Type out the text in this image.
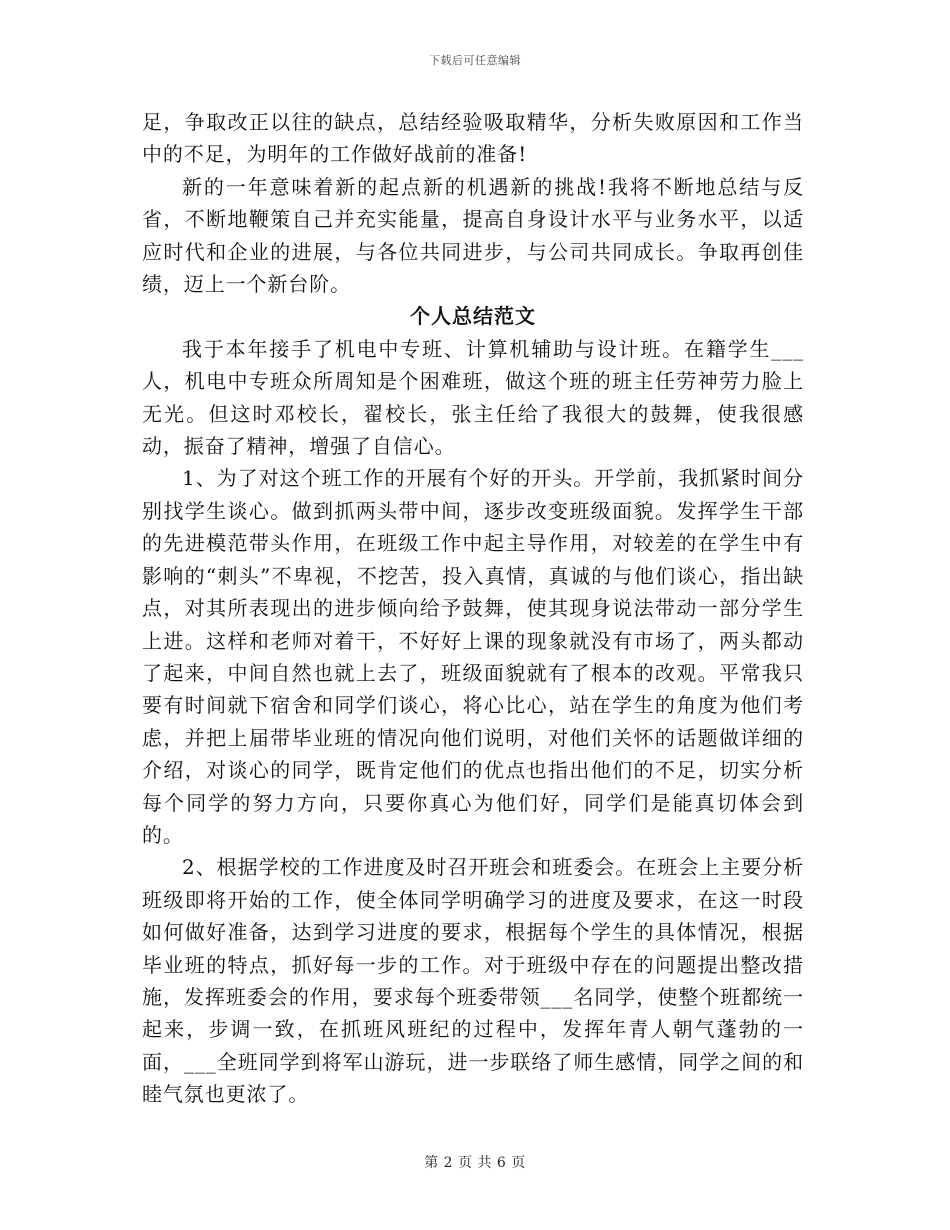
下载后可任意编辑

足，争取改正以往的缺点，总结经验吸取精华，分析失败原因和工作当中的不足，为明年的工作做好战前的准备!

新的一年意味着新的起点新的机遇新的挑战!我将不断地总结与反省，不断地鞭策自己并充实能量，提高自身设计水平与业务水平，以适应时代和企业的进展，与各位共同进步，与公司共同成长。争取再创佳绩，迈上一个新台阶。

个人总结范文

我于本年接手了机电中专班、计算机辅助与设计班。在籍学生___人，机电中专班众所周知是个困难班，做这个班的班主任劳神劳力脸上无光。但这时邓校长，翟校长，张主任给了我很大的鼓舞，使我很感动，振奋了精神，增强了自信心。

1、为了对这个班工作的开展有个好的开头。开学前，我抓紧时间分别找学生谈心。做到抓两头带中间，逐步改变班级面貌。发挥学生干部的先进模范带头作用，在班级工作中起主导作用，对较差的在学生中有影响的“刺头”不卑视，不挖苦，投入真情，真诚的与他们谈心，指出缺点，对其所表现出的进步倾向给予鼓舞，使其现身说法带动一部分学生上进。这样和老师对着干，不好好上课的现象就没有市场了，两头都动了起来，中间自然也就上去了，班级面貌就有了根本的改观。平常我只要有时间就下宿舍和同学们谈心，将心比心，站在学生的角度为他们考虑，并把上届带毕业班的情况向他们说明，对他们关怀的话题做详细的介绍，对谈心的同学，既肯定他们的优点也指出他们的不足，切实分析每个同学的努力方向，只要你真心为他们好，同学们是能真切体会到的。

2、根据学校的工作进度及时召开班会和班委会。在班会上主要分析班级即将开始的工作，使全体同学明确学习的进度及要求，在这一时段如何做好准备，达到学习进度的要求，根据每个学生的具体情况，根据毕业班的特点，抓好每一步的工作。对于班级中存在的问题提出整改措施，发挥班委会的作用，要求每个班委带领___名同学，使整个班都统一起来，步调一致，在抓班风班纪的过程中，发挥年青人朝气蓬勃的一面，___全班同学到将军山游玩，进一步联络了师生感情，同学之间的和睦气氛也更浓了。

第 2 页 共 6 页
